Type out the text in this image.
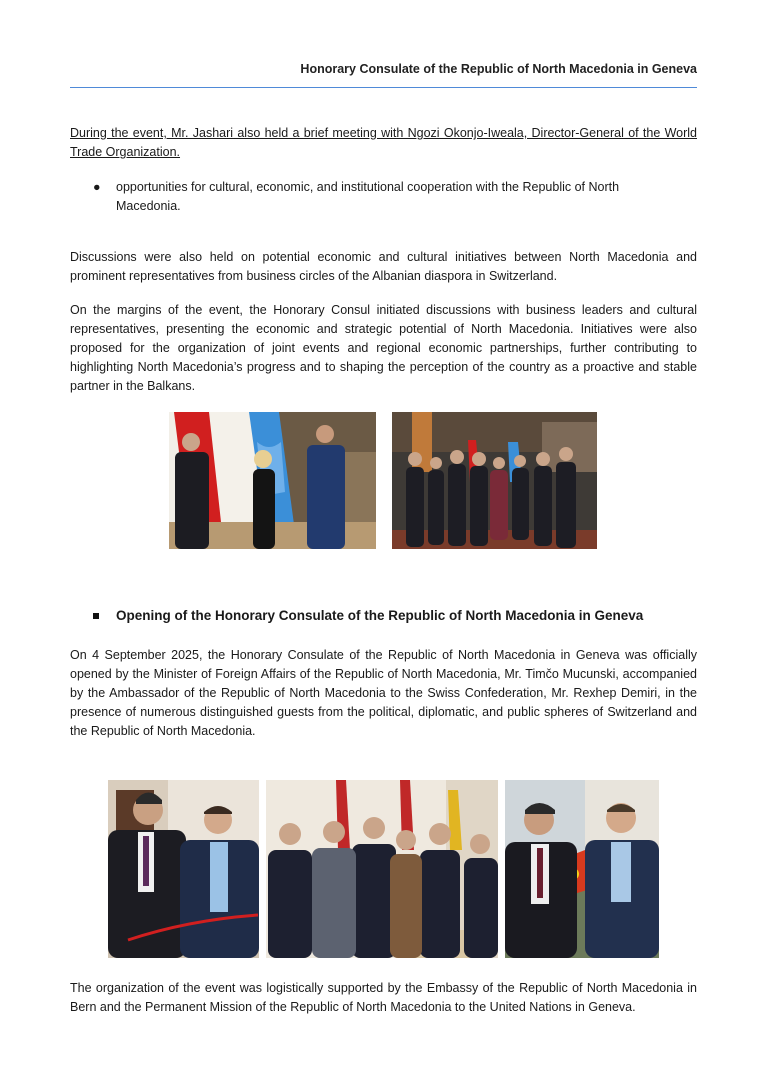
Honorary Consulate of the Republic of North Macedonia in Geneva
During the event, Mr. Jashari also held a brief meeting with Ngozi Okonjo-Iweala, Director-General of the World Trade Organization.
● opportunities for cultural, economic, and institutional cooperation with the Republic of North Macedonia.
Discussions were also held on potential economic and cultural initiatives between North Macedonia and prominent representatives from business circles of the Albanian diaspora in Switzerland.
On the margins of the event, the Honorary Consul initiated discussions with business leaders and cultural representatives, presenting the economic and strategic potential of North Macedonia. Initiatives were also proposed for the organization of joint events and regional economic partnerships, further contributing to highlighting North Macedonia’s progress and to shaping the perception of the country as a proactive and stable partner in the Balkans.
Opening of the Honorary Consulate of the Republic of North Macedonia in Geneva
On 4 September 2025, the Honorary Consulate of the Republic of North Macedonia in Geneva was officially opened by the Minister of Foreign Affairs of the Republic of North Macedonia, Mr. Timčo Mucunski, accompanied by the Ambassador of the Republic of North Macedonia to the Swiss Confederation, Mr. Rexhep Demiri, in the presence of numerous distinguished guests from the political, diplomatic, and public spheres of Switzerland and the Republic of North Macedonia.
The organization of the event was logistically supported by the Embassy of the Republic of North Macedonia in Bern and the Permanent Mission of the Republic of North Macedonia to the United Nations in Geneva.
